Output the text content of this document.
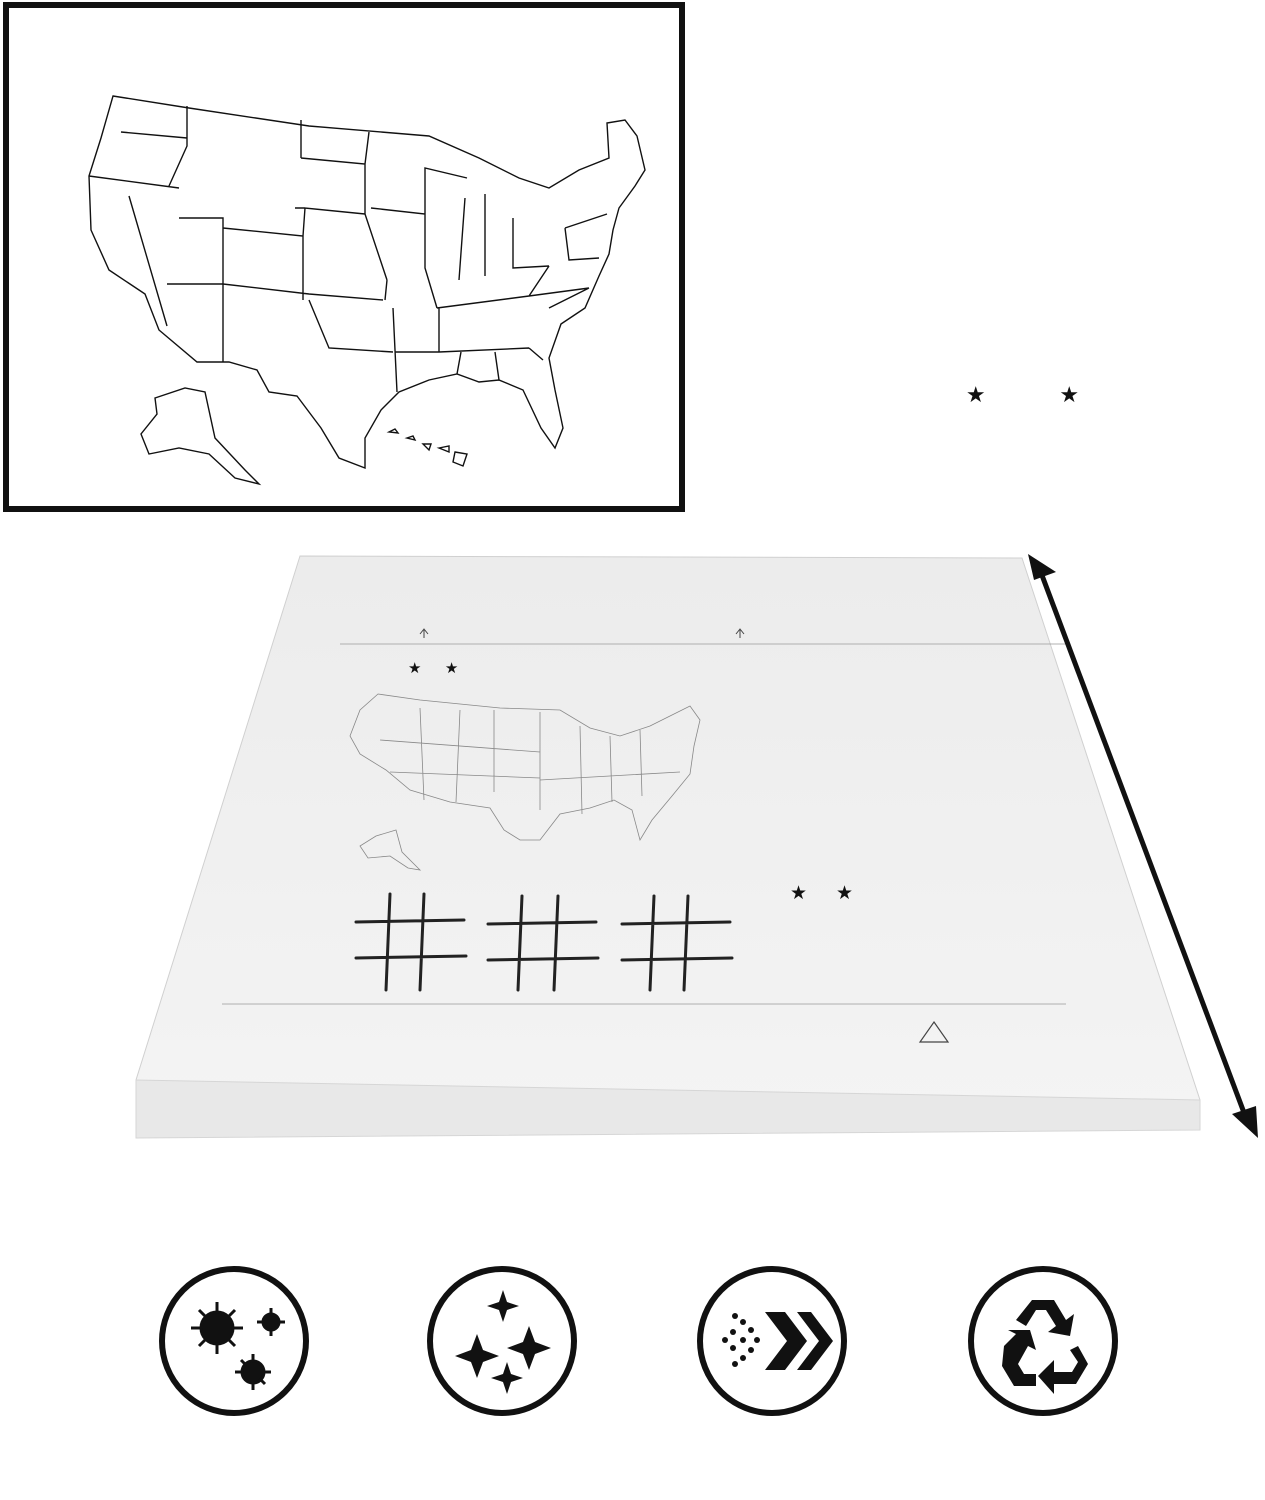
★	★
★    ★
★    ★
